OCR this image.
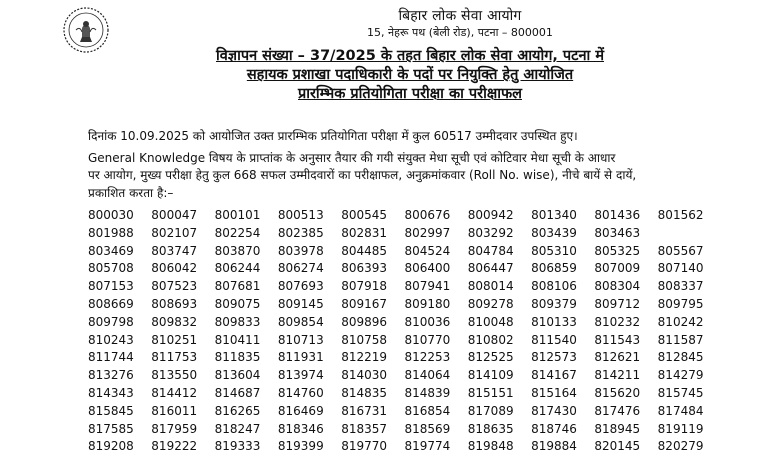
बिहार लोक सेवा आयोग
15, नेहरू पथ (बेली रोड), पटना – 800001
विज्ञापन संख्या – 37/2025 के तहत बिहार लोक सेवा आयोग, पटना में
सहायक प्रशाखा पदाधिकारी के पदों पर नियुक्ति हेतु आयोजित
प्रारम्भिक प्रतियोगिता परीक्षा का परीक्षाफल
दिनांक 10.09.2025 को आयोजित उक्त प्रारम्भिक प्रतियोगिता परीक्षा में कुल 60517 उम्मीदवार उपस्थित हुए।
General Knowledge विषय के प्राप्तांक के अनुसार तैयार की गयी संयुक्त मेधा सूची एवं कोटिवार मेधा सूची के आधार
पर आयोग, मुख्य परीक्षा हेतु कुल 668 सफल उम्मीदवारों का परीक्षाफल, अनुक्रमांकवार (Roll No. wise), नीचे बायें से दायें,
प्रकाशित करता है:–
800030	800047	800101	800513	800545	800676	800942	801340	801436	801562
801988	802107	802254	802385	802831	802997	803292	803439	803463
803469	803747	803870	803978	804485	804524	804784	805310	805325	805567
805708	806042	806244	806274	806393	806400	806447	806859	807009	807140
807153	807523	807681	807693	807918	807941	808014	808106	808304	808337
808669	808693	809075	809145	809167	809180	809278	809379	809712	809795
809798	809832	809833	809854	809896	810036	810048	810133	810232	810242
810243	810251	810411	810713	810758	810770	810802	811540	811543	811587
811744	811753	811835	811931	812219	812253	812525	812573	812621	812845
813276	813550	813604	813974	814030	814064	814109	814167	814211	814279
814343	814412	814687	814760	814835	814839	815151	815164	815620	815745
815845	816011	816265	816469	816731	816854	817089	817430	817476	817484
817585	817959	818247	818346	818357	818569	818635	818746	818945	819119
819208	819222	819333	819399	819770	819774	819848	819884	820145	820279
